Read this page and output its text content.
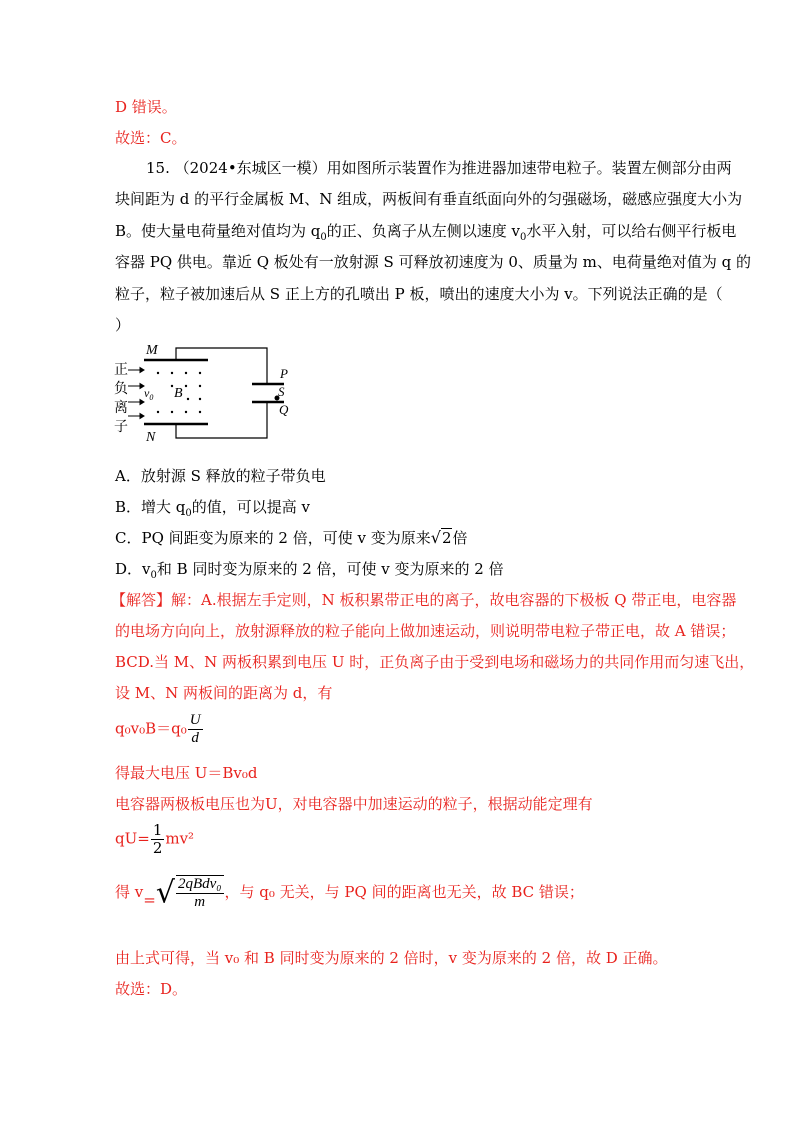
D 错误。
故选：C。
15. （2024•东城区一模）用如图所示装置作为推进器加速带电粒子。装置左侧部分由两
块间距为 d 的平行金属板 M、N 组成，两板间有垂直纸面向外的匀强磁场，磁感应强度大小为
B。使大量电荷量绝对值均为 $q_0$的正、负离子从左侧以速度 $v_0$水平入射，可以给右侧平行板电
容器 PQ 供电。靠近 Q 板处有一放射源 S 可释放初速度为 0、质量为 m、电荷量绝对值为 q 的
粒子，粒子被加速后从 S 正上方的孔喷出 P 板，喷出的速度大小为 v。下列说法正确的是（
）
M
N
P
S
Q
B
$v_0$
正
负
离
子
A．放射源 S 释放的粒子带负电
B．增大 $q_0$的值，可以提高 v
C．PQ 间距变为原来的 2 倍，可使 v 变为原来√2倍
D．$v_0$和 B 同时变为原来的 2 倍，可使 v 变为原来的 2 倍
【解答】解：A.根据左手定则，N 板积累带正电的离子，故电容器的下极板 Q 带正电，电容器
的电场方向向上，放射源释放的粒子能向上做加速运动，则说明带电粒子带正电，故 A 错误；
BCD.当 M、N 两板积累到电压 U 时，正负离子由于受到电场和磁场力的共同作用而匀速飞出，
设 M、N 两板间的距离为 d，有
$q_0v_0B=q_0 \frac{U}{d}$
得最大电压 U＝Bv₀d
电容器两极板电压也为U，对电容器中加速运动的粒子，根据动能定理有
$qU= \frac{1}{2} mv^2$
得 $v=√ \frac{\text{2qBdv₀}}{m}$ ，与 q₀ 无关，与 PQ 间的距离也无关，故 BC 错误；
由上式可得，当 v₀ 和 B 同时变为原来的 2 倍时，v 变为原来的 2 倍，故 D 正确。
故选：D。
